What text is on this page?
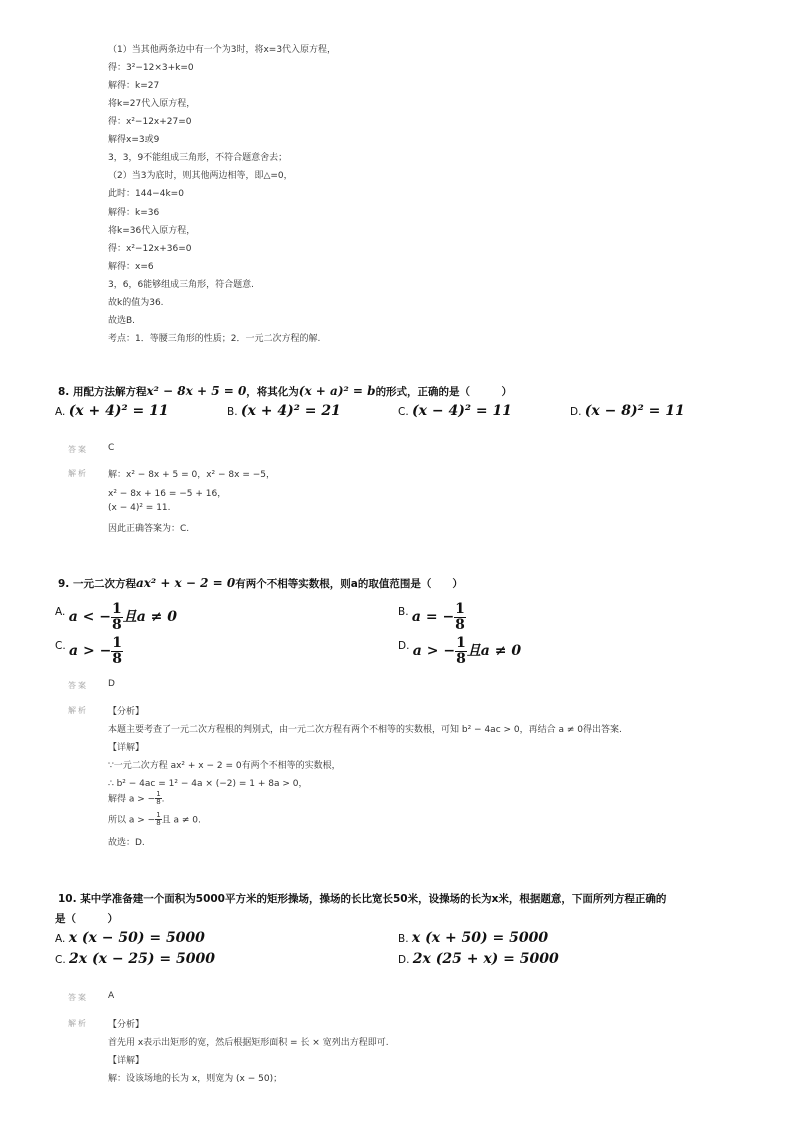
（1）当其他两条边中有一个为3时，将x=3代入原方程，
得：3²−12×3+k=0
解得：k=27
将k=27代入原方程，
得：x²−12x+27=0
解得x=3或9
3，3，9不能组成三角形，不符合题意舍去；
（2）当3为底时，则其他两边相等，即△=0，
此时：144−4k=0
解得：k=36
将k=36代入原方程，
得：x²−12x+36=0
解得：x=6
3，6，6能够组成三角形，符合题意.
故k的值为36.
故选B.
考点：1．等腰三角形的性质；2．一元二次方程的解.
8. 用配方法解方程x² − 8x + 5 = 0，将其化为(x + a)² = b的形式，正确的是（　　　）
A. (x + 4)² = 11	B. (x + 4)² = 21	C. (x − 4)² = 11	D. (x − 8)² = 11
答案 C
解析 解：x² − 8x + 5 = 0，x² − 8x = −5，
x² − 8x + 16 = −5 + 16，
(x − 4)² = 11.
因此正确答案为：C.
9. 一元二次方程ax² + x − 2 = 0有两个不相等实数根，则a的取值范围是（　　）
A. a < − $\frac{1}{8}$ 且a ≠ 0	B. a = − $\frac{1}{8}$
C. a > − $\frac{1}{8}$	D. a > − $\frac{1}{8}$ 且a ≠ 0
答案 D
解析 【分析】
本题主要考查了一元二次方程根的判别式，由一元二次方程有两个不相等的实数根，可知 b² − 4ac > 0，再结合 a ≠ 0得出答案.
【详解】
∵一元二次方程 ax² + x − 2 = 0有两个不相等的实数根，
∴ b² − 4ac = 1² − 4a × (−2) = 1 + 8a > 0，
解得 a > − $\frac{1}{8}$ .
所以 a > − $\frac{1}{8}$ 且 a ≠ 0.
故选：D.
10. 某中学准备建一个面积为5000平方米的矩形操场，操场的长比宽长50米，设操场的长为x米，根据题意，下面所列方程正确的
是（　　　）
A. x (x − 50) = 5000	B. x (x + 50) = 5000
C. 2x (x − 25) = 5000	D. 2x (25 + x) = 5000
答案 A
解析 【分析】
首先用 x表示出矩形的宽，然后根据矩形面积 = 长 × 宽列出方程即可.
【详解】
解：设该场地的长为 x，则宽为 (x − 50)；
